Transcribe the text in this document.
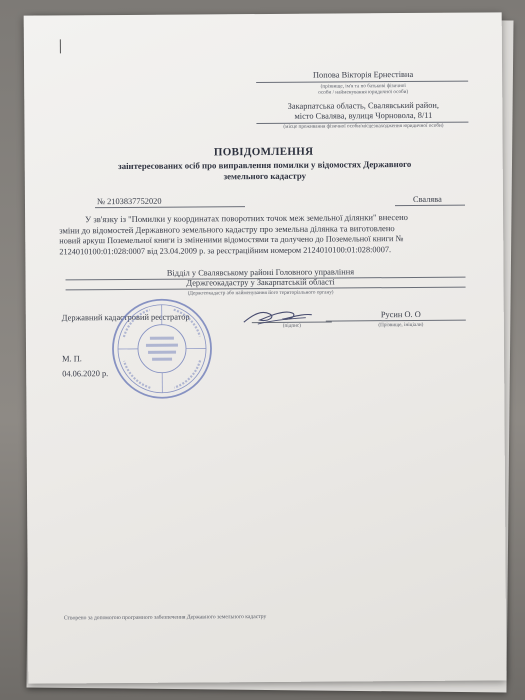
Попова Вікторія Ернестівна
(прізвище, ім'я та по батькові фізичної
особи / найменування юридичної особи)
Закарпатська область, Свалявський район,
місто Свалява, вулиця Чорновола, 8/11
(місце проживання фізичної особи/місцезнаходження юридичної особи)
ПОВІДОМЛЕННЯ
заінтересованих осіб про виправлення помилки у відомостях Державного
земельного кадастру
№ 2103837752020	Свалява
У зв'язку із "Помилки у координатах поворотних точок меж земельної ділянки" внесено
зміни до відомостей Державного земельного кадастру про земельна ділянка та виготовлено
новий аркуш Поземельної книги із зміненими відомостями та долучено до Поземельної книги №
2124010100:01:028:0007 від 23.04.2009 р. за реєстраційним номером 2124010100:01:028:0007.
Відділ у Свалявському районі Головного управління
Держгеокадастру у Закарпатській області
(Держгеокадастр або найменування його територіального органу)
Державний кадастровий реєстратор
(підпис)
Русин О. О
(Прізвище, ініціали)
М. П.
04.06.2020 р.
Створено за допомогою програмного забезпечення Державного земельного кадастру
